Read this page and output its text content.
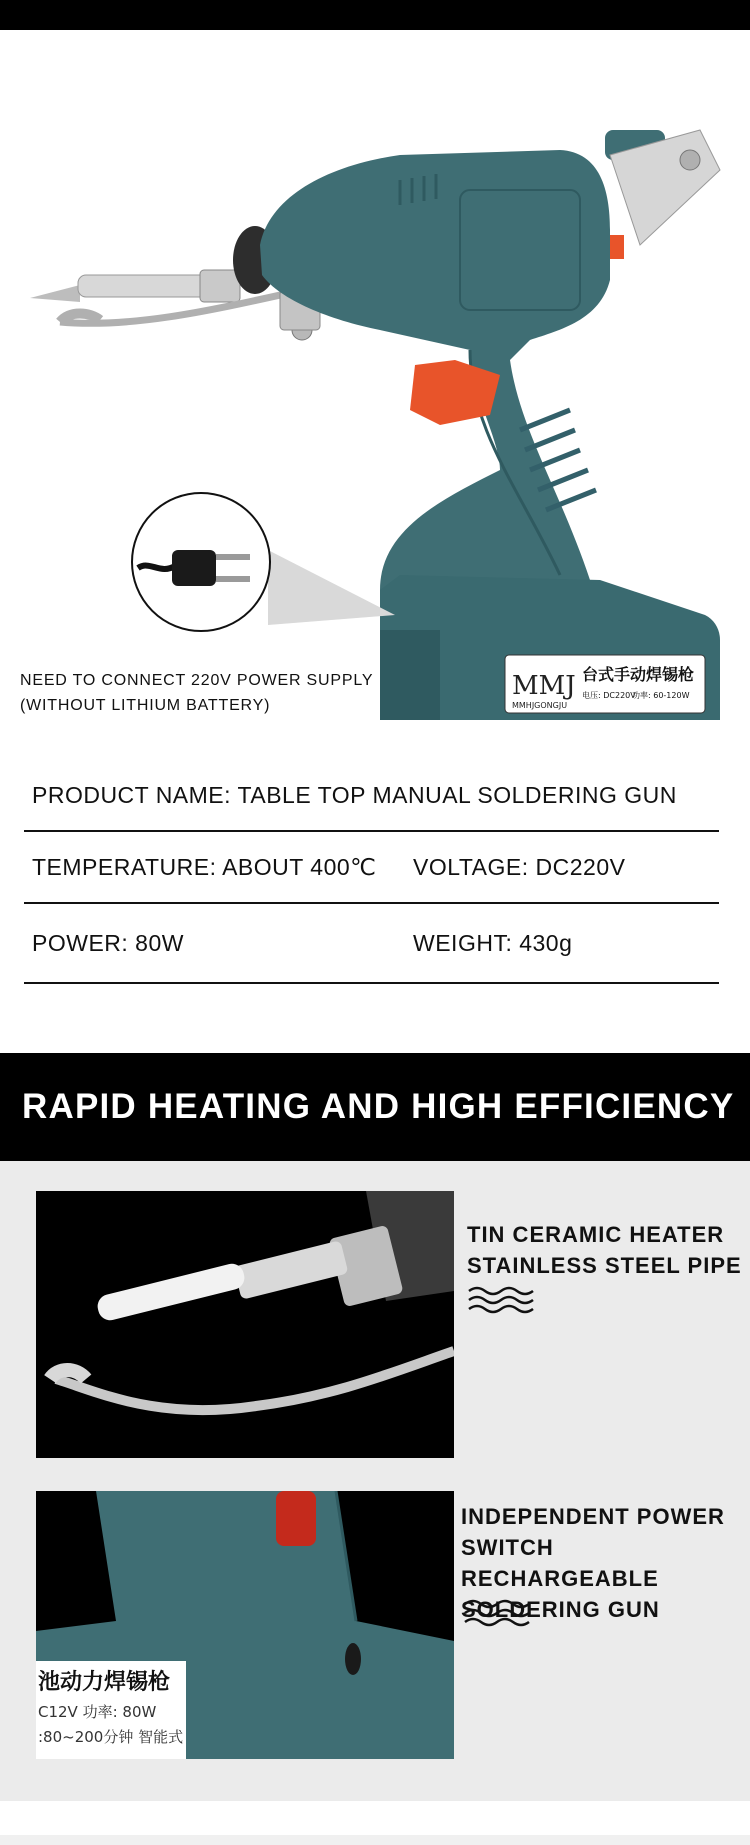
MMJ
MMHJGONGJU
台式手动焊锡枪
电压: DC220V
功率: 60-120W
NEED TO CONNECT 220V POWER SUPPLY
(WITHOUT LITHIUM BATTERY)
PRODUCT NAME: TABLE TOP MANUAL SOLDERING GUN
TEMPERATURE: ABOUT 400℃ VOLTAGE: DC220V
POWER: 80W	WEIGHT: 430g
RAPID HEATING AND HIGH EFFICIENCY
TIN CERAMIC HEATER
STAINLESS STEEL PIPE
池动力焊锡枪
C12V 功率: 80W
:80~200分钟 智能式
INDEPENDENT POWER
SWITCH RECHARGEABLE
SOLDERING GUN
